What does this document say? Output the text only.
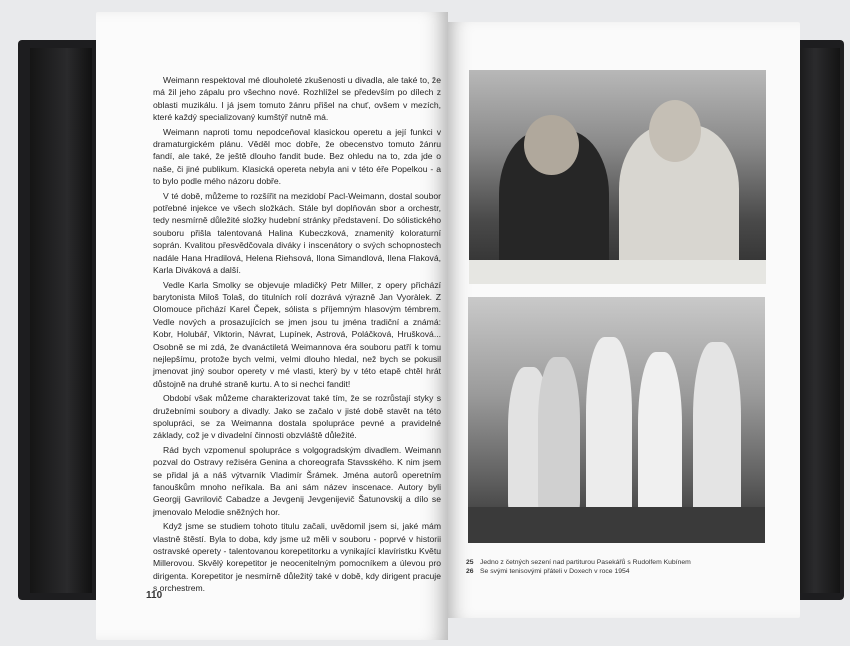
Weimann respektoval mé dlouholeté zkušenosti u divadla, ale také to, že má žil jeho zápalu pro všechno nové. Rozhlížel se především po dílech z oblasti muzikálu. I já jsem tomuto žánru přišel na chuť, ovšem v mezích, které každý specializovaný kumštýř nutně má.

Weimann naproti tomu nepodceňoval klasickou operetu a její funkci v dramaturgickém plánu. Věděl moc dobře, že obecenstvo tomuto žánru fandí, ale také, že ještě dlouho fandit bude. Bez ohledu na to, zda jde o naše, či jiné publikum. Klasická opereta nebyla ani v této éře Popelkou - a to bylo podle mého názoru dobře.

V té době, můžeme to rozšířit na mezidobí Pacl-Weimann, dostal soubor potřebné injekce ve všech složkách. Stále byl doplňován sbor a orchestr, tedy nesmírně důležité složky hudební stránky představení. Do sólistického souboru přišla talentovaná Halina Kubeczková, znamenitý koloraturní soprán. Kvalitou přesvědčovala diváky i inscenátory o svých schopnostech nadále Hana Hradilová, Helena Riehsová, Ilona Simandlová, Ilena Flaková, Karla Diváková a další.

Vedle Karla Smolky se objevuje mladičký Petr Miller, z opery přichází barytonista Miloš Tolaš, do titulních rolí dozrává výrazně Jan Vyoràlek. Z Olomouce přichází Karel Čepek, sólista s příjemným hlasovým témbrem. Vedle nových a prosazujících se jmen jsou tu jména tradiční a známá: Kobr, Holubář, Viktorin, Návrat, Lupínek, Astrová, Poláčková, Hrušková... Osobně se mi zdá, že dvanáctiletá Weimannova éra souboru patří k tomu nejlepšímu, protože bych velmi, velmi dlouho hledal, než bych se pokusil jmenovat jiný soubor operety v mé vlasti, který by v této etapě chtěl hrát důstojně na druhé straně kurtu. A to si nechci fandit!

Období však můžeme charakterizovat také tím, že se rozrůstají styky s družebními soubory a divadly. Jako se začalo v jisté době stavět na této spolupráci, se za Weimanna dostala spolupráce pevné a pravidelné základy, což je v divadelní činnosti obzvláště důležité.

Rád bych vzpomenul spolupráce s volgogradským divadlem. Weimann pozval do Ostravy režiséra Genina a choreografa Stavsského. K nim jsem se přidal já a náš výtvarník Vladimír Šrámek. Jména autorů operetním fanouškům mnoho neříkala. Ba ani sám název inscenace. Autory byli Georgij Gavrilovič Cabadze a Jevgenij Jevgenijevič Šatunovskij a dílo se jmenovalo Melodie sněžných hor.

Když jsme se studiem tohoto titulu začali, uvědomil jsem si, jaké mám vlastně štěstí. Byla to doba, kdy jsme už měli v souboru - poprvé v historii ostravské operety - talentovanou korepetitorku a vynikající klavíristku Květu Millerovou. Skvělý korepetitor je neocenitelným pomocníkem a úlevou pro dirigenta. Korepetitor je nesmírně důležitý také v době, kdy dirigent pracuje s orchestrem.

110
25 Jedno z četných sezení nad partiturou Pasekářů s Rudolfem Kubínem
26 Se svými tenisovými přáteli v Doxech v roce 1954
